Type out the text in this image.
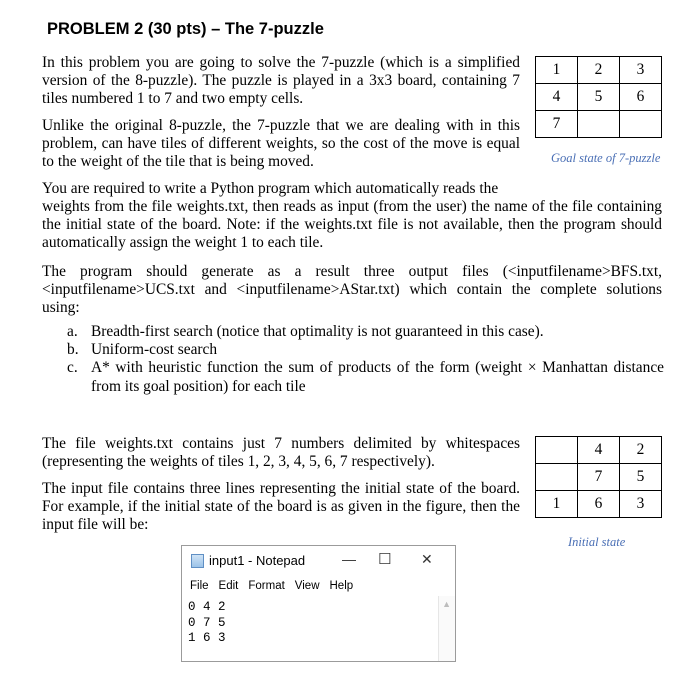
PROBLEM 2 (30 pts) – The 7-puzzle

In this problem you are going to solve the 7-puzzle (which is a simplified version of the 8-puzzle). The puzzle is played in a 3x3 board, containing 7 tiles numbered 1 to 7 and two empty cells.

1	2	3
4	5	6
7		
Goal state of 7-puzzle

Unlike the original 8-puzzle, the 7-puzzle that we are dealing with in this problem, can have tiles of different weights, so the cost of the move is equal to the weight of the tile that is being moved.

You are required to write a Python program which automatically reads the

weights from the file weights.txt, then reads as input (from the user) the name of the file containing the initial state of the board. Note: if the weights.txt file is not available, then the program should automatically assign the weight 1 to each tile.

The program should generate as a result three output files (<inputfilename>BFS.txt, <inputfilename>UCS.txt and <inputfilename>AStar.txt) which contain the complete solutions using:

a. Breadth-first search (notice that optimality is not guaranteed in this case).
b. Uniform-cost search
c. A* with heuristic function the sum of products of the form (weight × Manhattan distance from its goal position) for each tile

The file weights.txt contains just 7 numbers delimited by whitespaces (representing the weights of tiles 1, 2, 3, 4, 5, 6, 7 respectively).

The input file contains three lines representing the initial state of the board. For example, if the initial state of the board is as given in the figure, then the input file will be:

	4	2
	7	5
1	6	3
Initial state
input1 - Notepad	— ☐ ✕
File Edit Format View Help
0 4 2
0 7 5
1 6 3
▲
